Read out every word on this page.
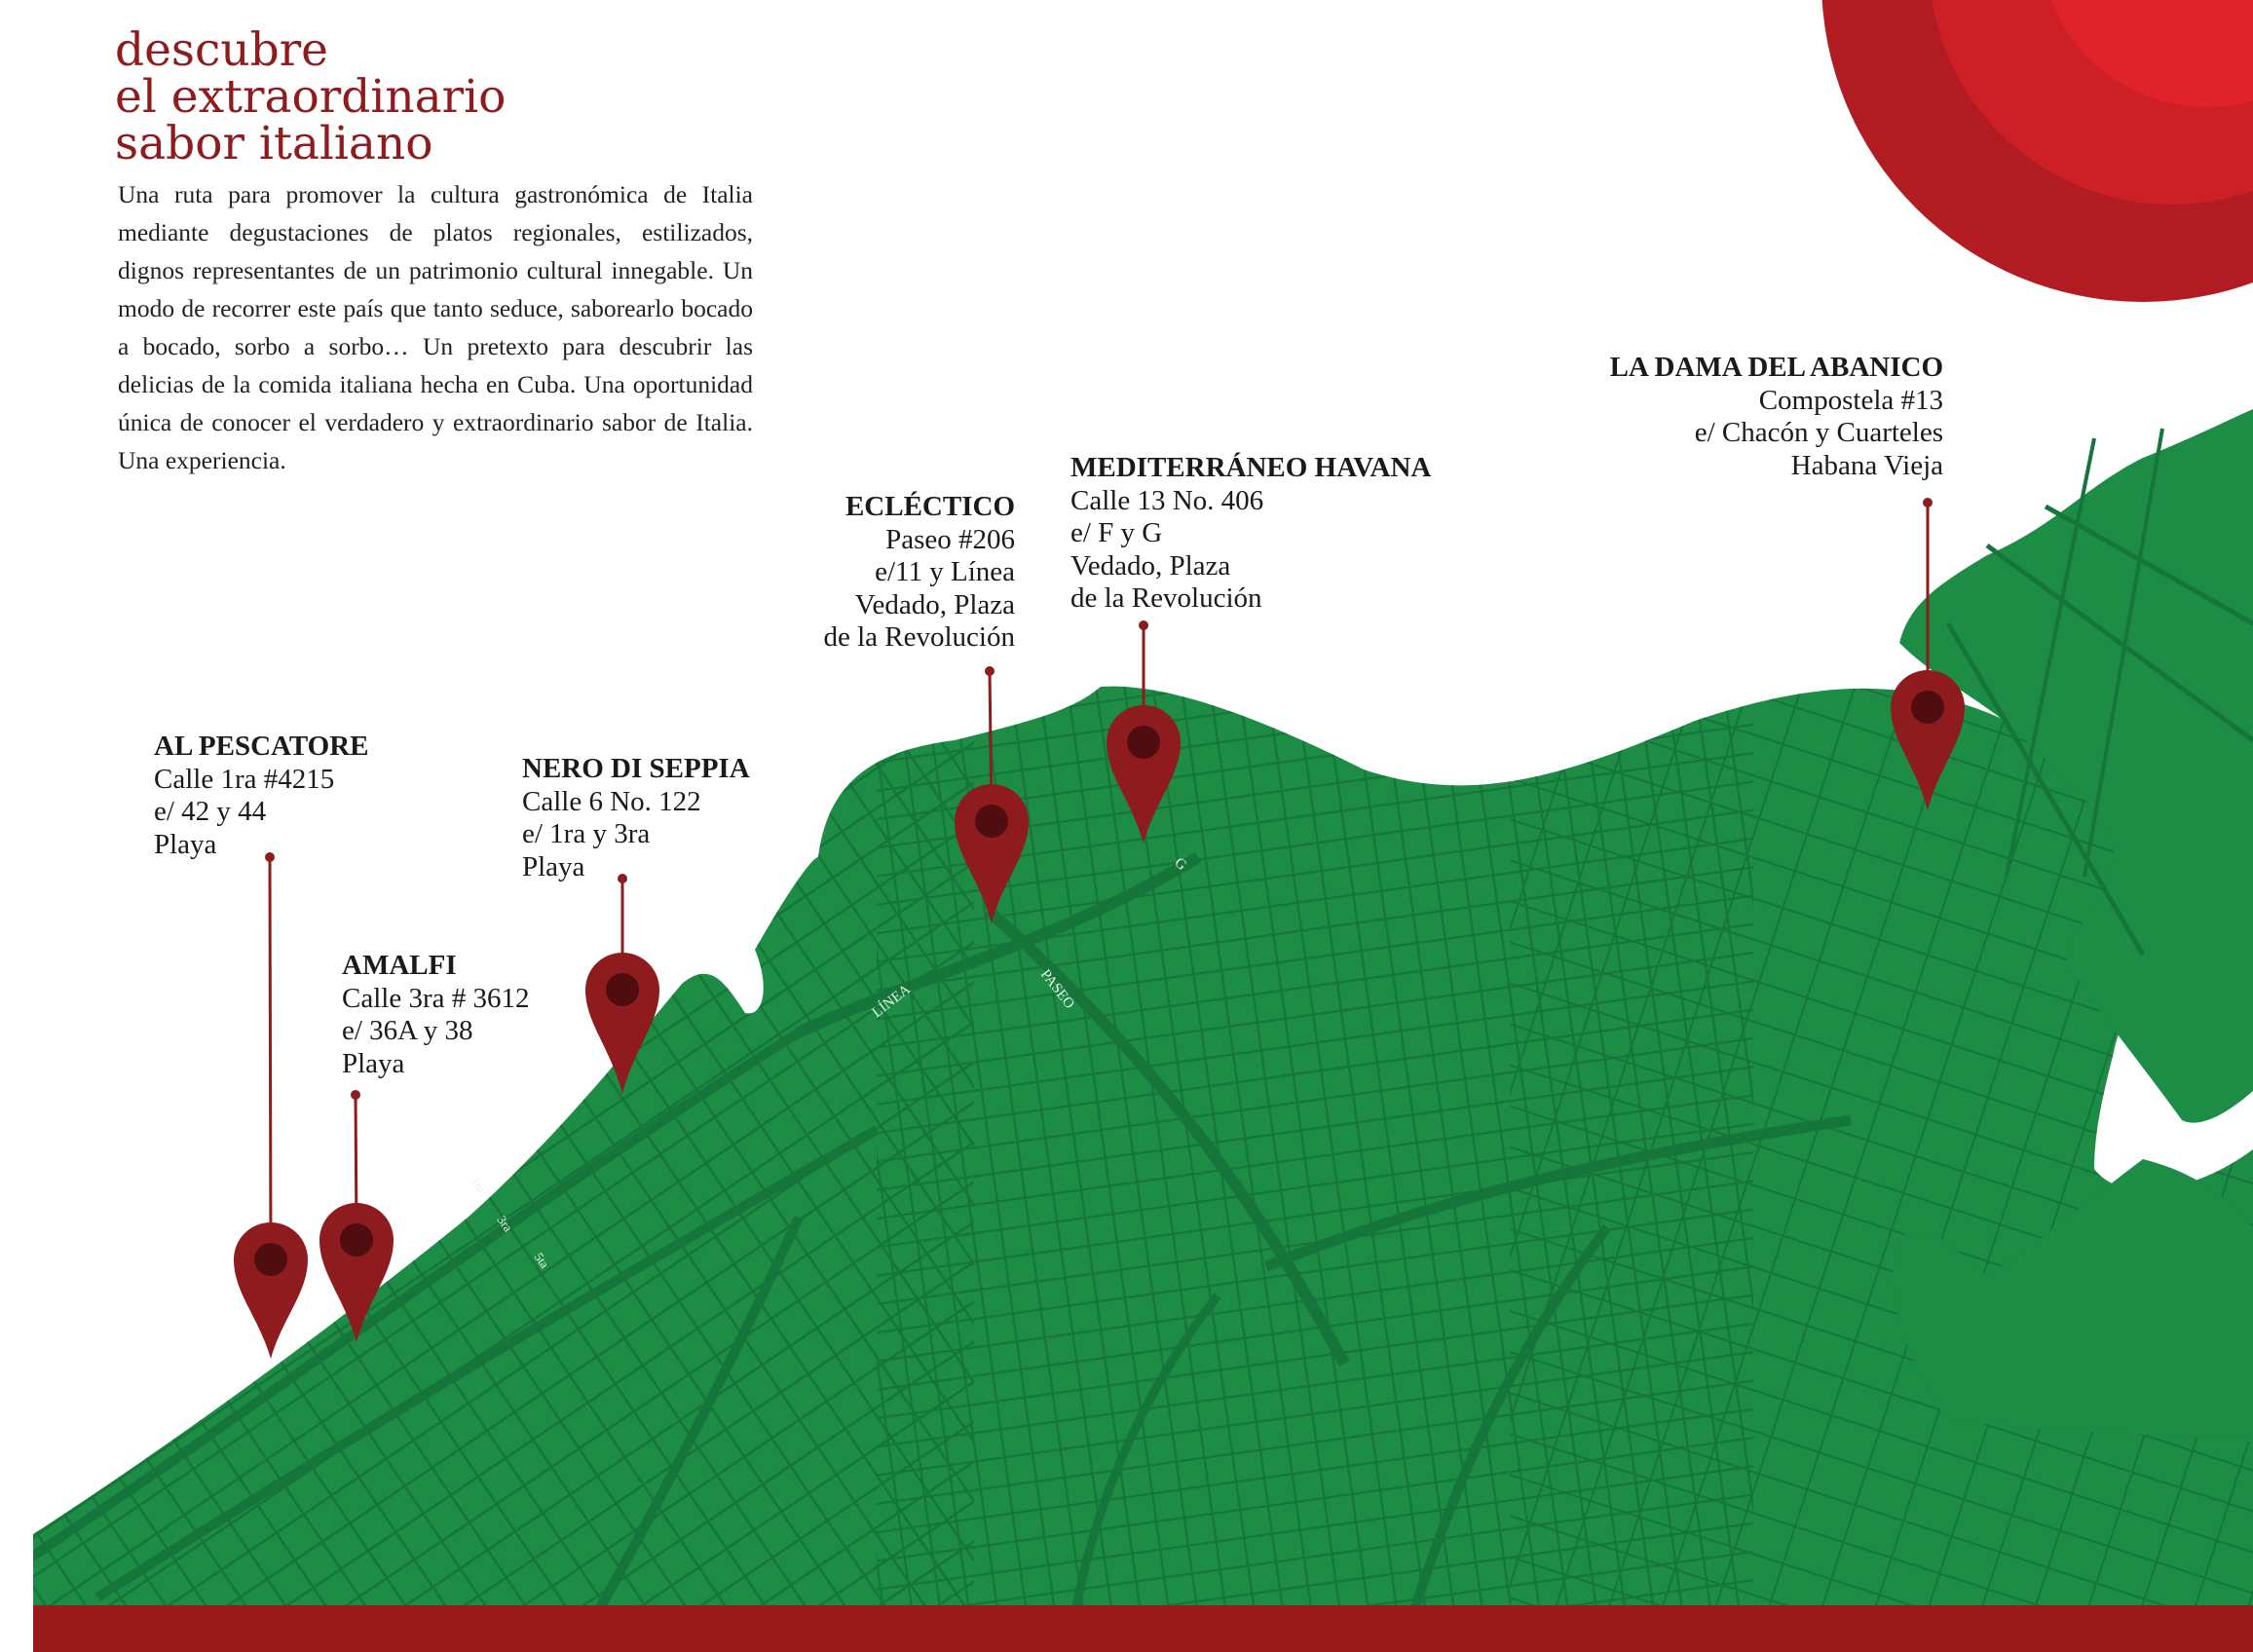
LÍNEA	PASEO
G
1ra
3ra
5ta
descubre
el extraordinario
sabor italiano

Una ruta para promover la cultura gastronómica de Italia mediante degustaciones de platos regionales, estilizados, dignos representantes de un patrimonio cultural innegable. Un modo de recorrer este país que tanto seduce, saborearlo bocado a bocado, sorbo a sorbo… Un pretexto para descubrir las delicias de la comida italiana hecha en Cuba. Una oportunidad única de conocer el verdadero y extraordinario sabor de Italia. Una experiencia.

AL PESCATORE
Calle 1ra #4215
e/ 42 y 44
Playa
AMALFI
Calle 3ra # 3612
e/ 36A y 38
Playa
NERO DI SEPPIA
Calle 6 No. 122
e/ 1ra y 3ra
Playa
ECLÉCTICO
Paseo #206
e/11 y Línea
Vedado, Plaza
de la Revolución
MEDITERRÁNEO HAVANA
Calle 13 No. 406
e/ F y G
Vedado, Plaza
de la Revolución
LA DAMA DEL ABANICO
Compostela #13
e/ Chacón y Cuarteles
Habana Vieja
